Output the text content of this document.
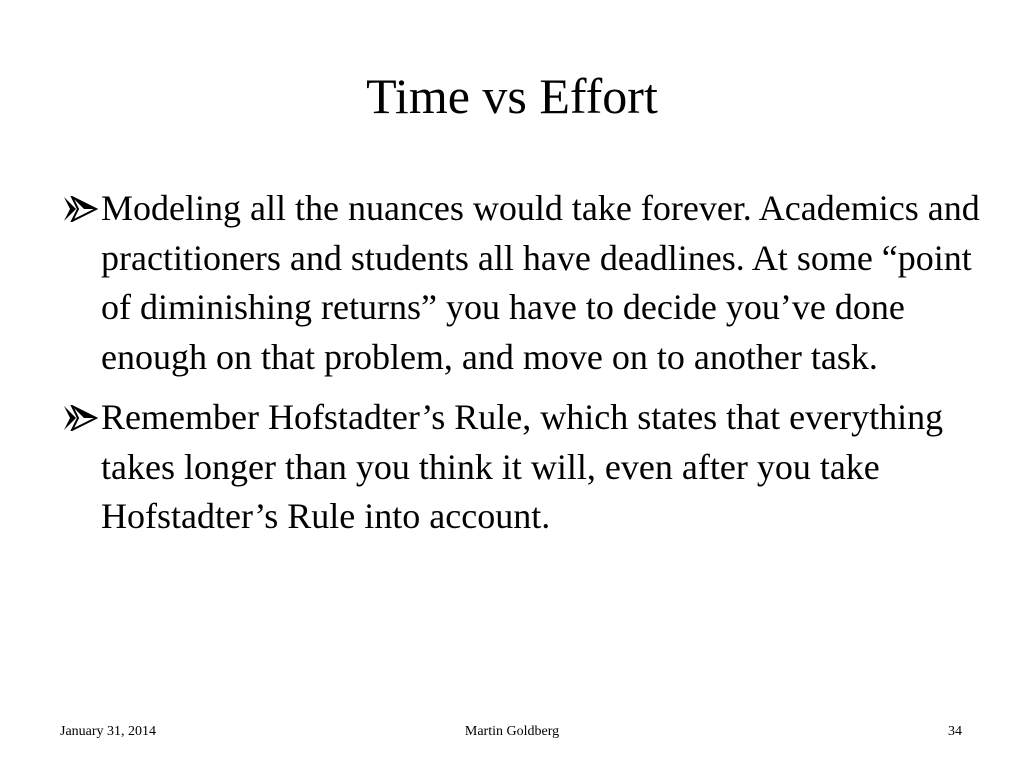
Time vs Effort
Modeling all the nuances would take forever. Academics and practitioners and students all have deadlines. At some “point of diminishing returns” you have to decide you’ve done enough on that problem, and move on to another task.
Remember Hofstadter’s Rule, which states that everything takes longer than you think it will, even after you take Hofstadter’s Rule into account.
January 31, 2014	Martin Goldberg	34
